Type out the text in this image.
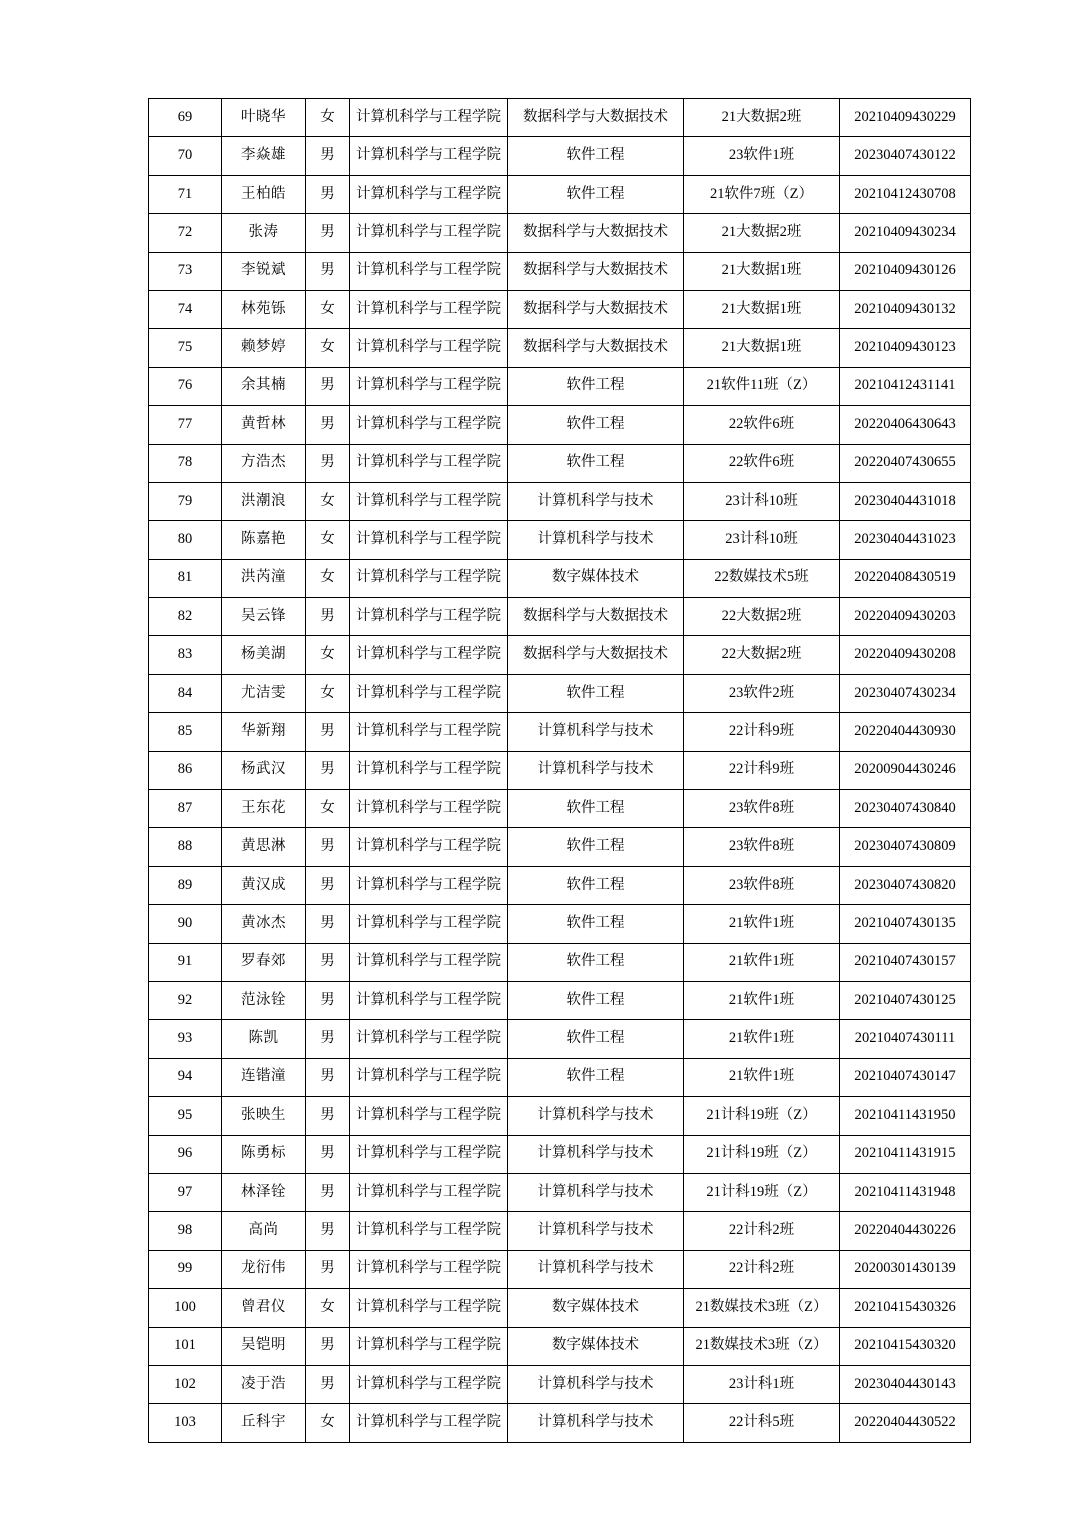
69	叶晓华	女	计算机科学与工程学院	数据科学与大数据技术	21大数据2班	20210409430229
70	李焱雄	男	计算机科学与工程学院	软件工程	23软件1班	20230407430122
71	王柏皓	男	计算机科学与工程学院	软件工程	21软件7班（Z）	20210412430708
72	张涛	男	计算机科学与工程学院	数据科学与大数据技术	21大数据2班	20210409430234
73	李锐斌	男	计算机科学与工程学院	数据科学与大数据技术	21大数据1班	20210409430126
74	林苑铄	女	计算机科学与工程学院	数据科学与大数据技术	21大数据1班	20210409430132
75	赖梦婷	女	计算机科学与工程学院	数据科学与大数据技术	21大数据1班	20210409430123
76	余其楠	男	计算机科学与工程学院	软件工程	21软件11班（Z）	20210412431141
77	黄哲林	男	计算机科学与工程学院	软件工程	22软件6班	20220406430643
78	方浩杰	男	计算机科学与工程学院	软件工程	22软件6班	20220407430655
79	洪潮浪	女	计算机科学与工程学院	计算机科学与技术	23计科10班	20230404431018
80	陈嘉艳	女	计算机科学与工程学院	计算机科学与技术	23计科10班	20230404431023
81	洪芮潼	女	计算机科学与工程学院	数字媒体技术	22数媒技术5班	20220408430519
82	吴云锋	男	计算机科学与工程学院	数据科学与大数据技术	22大数据2班	20220409430203
83	杨美湖	女	计算机科学与工程学院	数据科学与大数据技术	22大数据2班	20220409430208
84	尤洁雯	女	计算机科学与工程学院	软件工程	23软件2班	20230407430234
85	华新翔	男	计算机科学与工程学院	计算机科学与技术	22计科9班	20220404430930
86	杨武汉	男	计算机科学与工程学院	计算机科学与技术	22计科9班	20200904430246
87	王东花	女	计算机科学与工程学院	软件工程	23软件8班	20230407430840
88	黄思淋	男	计算机科学与工程学院	软件工程	23软件8班	20230407430809
89	黄汉成	男	计算机科学与工程学院	软件工程	23软件8班	20230407430820
90	黄冰杰	男	计算机科学与工程学院	软件工程	21软件1班	20210407430135
91	罗春郊	男	计算机科学与工程学院	软件工程	21软件1班	20210407430157
92	范泳铨	男	计算机科学与工程学院	软件工程	21软件1班	20210407430125
93	陈凯	男	计算机科学与工程学院	软件工程	21软件1班	20210407430111
94	连锴潼	男	计算机科学与工程学院	软件工程	21软件1班	20210407430147
95	张映生	男	计算机科学与工程学院	计算机科学与技术	21计科19班（Z）	20210411431950
96	陈勇标	男	计算机科学与工程学院	计算机科学与技术	21计科19班（Z）	20210411431915
97	林泽铨	男	计算机科学与工程学院	计算机科学与技术	21计科19班（Z）	20210411431948
98	高尚	男	计算机科学与工程学院	计算机科学与技术	22计科2班	20220404430226
99	龙衍伟	男	计算机科学与工程学院	计算机科学与技术	22计科2班	20200301430139
100	曾君仪	女	计算机科学与工程学院	数字媒体技术	21数媒技术3班（Z）	20210415430326
101	吴铠明	男	计算机科学与工程学院	数字媒体技术	21数媒技术3班（Z）	20210415430320
102	凌于浩	男	计算机科学与工程学院	计算机科学与技术	23计科1班	20230404430143
103	丘科宇	女	计算机科学与工程学院	计算机科学与技术	22计科5班	20220404430522
